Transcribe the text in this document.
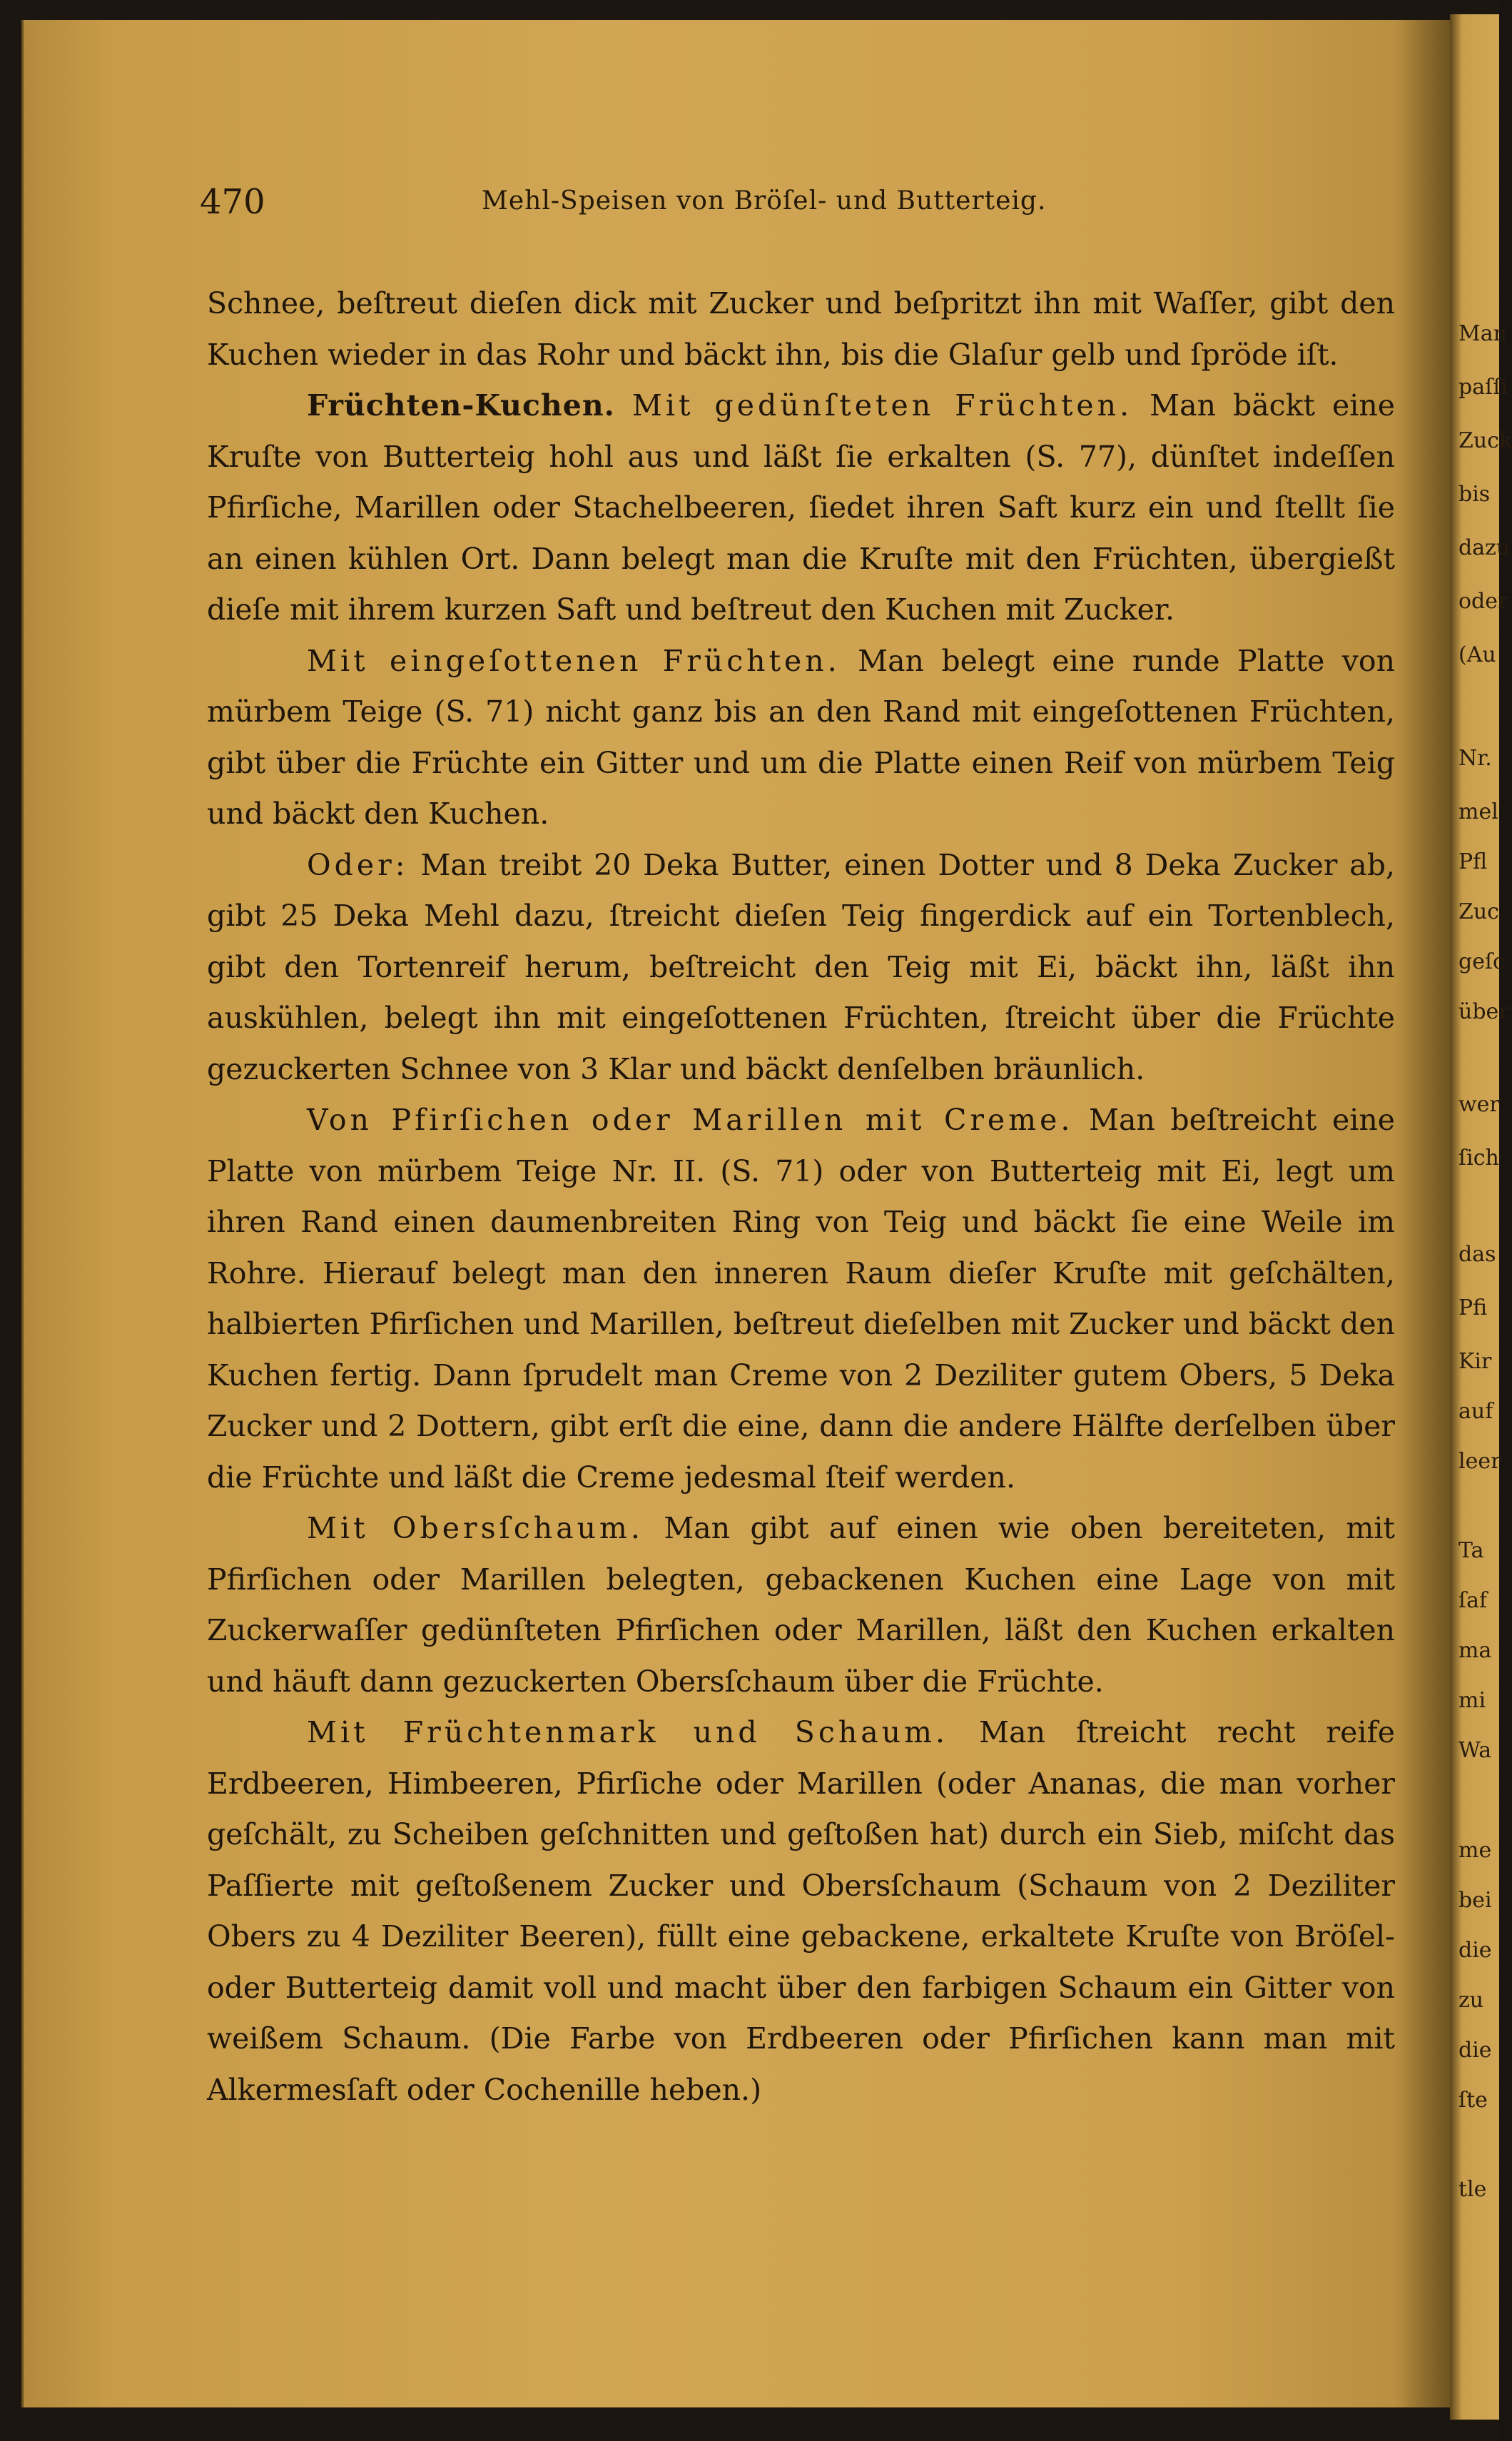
Man
paſſi
Zuck
bis
dazu
oder
(Au
Nr.
mel
Pfl
Zuc
geſc
über
wer
ſich
das
Pfi
Kir
auf
leer
Ta
ſaf
ma
mi
Wa
me
bei
die
zu
die
ſte
tle
470	Mehl-Speisen von Bröſel- und Butterteig.

Schnee, beſtreut dieſen dick mit Zucker und beſpritzt ihn mit Waſſer, gibt den Kuchen wieder in das Rohr und bäckt ihn, bis die Glaſur gelb und ſpröde iſt.

Früchten-Kuchen. Mit gedünſteten Früchten. Man bäckt eine Kruſte von Butterteig hohl aus und läßt ſie erkalten (S. 77), dünſtet indeſſen Pfirſiche, Marillen oder Stachelbeeren, ſiedet ihren Saft kurz ein und ſtellt ſie an einen kühlen Ort. Dann belegt man die Kruſte mit den Früchten, übergießt dieſe mit ihrem kurzen Saft und beſtreut den Kuchen mit Zucker.

Mit eingeſottenen Früchten. Man belegt eine runde Platte von mürbem Teige (S. 71) nicht ganz bis an den Rand mit eingeſottenen Früchten, gibt über die Früchte ein Gitter und um die Platte einen Reif von mürbem Teig und bäckt den Kuchen.

Oder: Man treibt 20 Deka Butter, einen Dotter und 8 Deka Zucker ab, gibt 25 Deka Mehl dazu, ſtreicht dieſen Teig fingerdick auf ein Tortenblech, gibt den Tortenreif herum, beſtreicht den Teig mit Ei, bäckt ihn, läßt ihn auskühlen, belegt ihn mit eingeſottenen Früchten, ſtreicht über die Früchte gezuckerten Schnee von 3 Klar und bäckt denſelben bräunlich.

Von Pfirſichen oder Marillen mit Creme. Man beſtreicht eine Platte von mürbem Teige Nr. II. (S. 71) oder von Butterteig mit Ei, legt um ihren Rand einen daumenbreiten Ring von Teig und bäckt ſie eine Weile im Rohre. Hierauf belegt man den inneren Raum dieſer Kruſte mit geſchälten, halbierten Pfirſichen und Marillen, beſtreut dieſelben mit Zucker und bäckt den Kuchen fertig. Dann ſprudelt man Creme von 2 Deziliter gutem Obers, 5 Deka Zucker und 2 Dottern, gibt erſt die eine, dann die andere Hälfte derſelben über die Früchte und läßt die Creme jedesmal ſteif werden.

Mit Obersſchaum. Man gibt auf einen wie oben bereiteten, mit Pfirſichen oder Marillen belegten, gebackenen Kuchen eine Lage von mit Zuckerwaſſer gedünſteten Pfirſichen oder Marillen, läßt den Kuchen erkalten und häuft dann gezuckerten Obersſchaum über die Früchte.

Mit Früchtenmark und Schaum. Man ſtreicht recht reife Erdbeeren, Himbeeren, Pfirſiche oder Marillen (oder Ananas, die man vorher geſchält, zu Scheiben geſchnitten und geſtoßen hat) durch ein Sieb, miſcht das Paſſierte mit geſtoßenem Zucker und Obersſchaum (Schaum von 2 Deziliter Obers zu 4 Deziliter Beeren), füllt eine gebackene, erkaltete Kruſte von Bröſel- oder Butterteig damit voll und macht über den farbigen Schaum ein Gitter von weißem Schaum. (Die Farbe von Erdbeeren oder Pfirſichen kann man mit Alkermesſaft oder Cochenille heben.)
